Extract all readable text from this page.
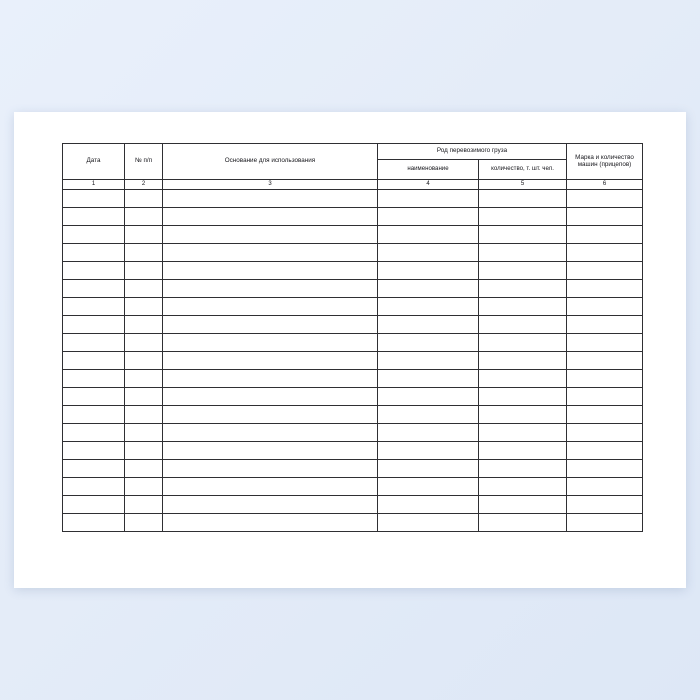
Дата	№ п/п	Основание для использования	Род перевозимого груза		Марка и количество машин (прицепов)
			наименование	количество, т. шт. чел.	
1	2	3	4	5	6
